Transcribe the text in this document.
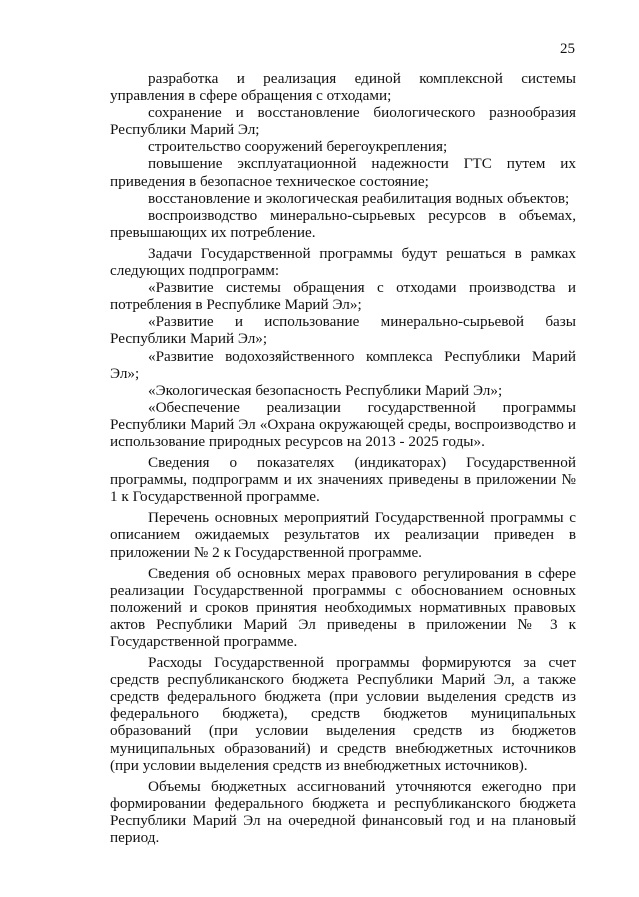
25

разработка и реализация единой комплексной системы управления в сфере обращения с отходами;

сохранение и восстановление биологического разнообразия Республики Марий Эл;

строительство сооружений берегоукрепления;

повышение эксплуатационной надежности ГТС путем их приведения в безопасное техническое состояние;

восстановление и экологическая реабилитация водных объектов;

воспроизводство минерально-сырьевых ресурсов в объемах, превышающих их потребление.

Задачи Государственной программы будут решаться в рамках следующих подпрограмм:

«Развитие системы обращения с отходами производства и потребления в Республике Марий Эл»;

«Развитие и использование минерально-сырьевой базы Республики Марий Эл»;

«Развитие водохозяйственного комплекса Республики Марий Эл»;

«Экологическая безопасность Республики Марий Эл»;

«Обеспечение реализации государственной программы Республики Марий Эл «Охрана окружающей среды, воспроизводство и использование природных ресурсов на 2013 - 2025 годы».

Сведения о показателях (индикаторах) Государственной программы, подпрограмм и их значениях приведены в приложении № 1 к Государственной программе.

Перечень основных мероприятий Государственной программы с описанием ожидаемых результатов их реализации приведен в приложении № 2 к Государственной программе.

Сведения об основных мерах правового регулирования в сфере реализации Государственной программы с обоснованием основных положений и сроков принятия необходимых нормативных правовых актов Республики Марий Эл приведены в приложении № 3 к Государственной программе.

Расходы Государственной программы формируются за счет средств республиканского бюджета Республики Марий Эл, а также средств федерального бюджета (при условии выделения средств из федерального бюджета), средств бюджетов муниципальных образований (при условии выделения средств из бюджетов муниципальных образований) и средств внебюджетных источников (при условии выделения средств из внебюджетных источников).

Объемы бюджетных ассигнований уточняются ежегодно при формировании федерального бюджета и республиканского бюджета Республики Марий Эл на очередной финансовый год и на плановый период.
